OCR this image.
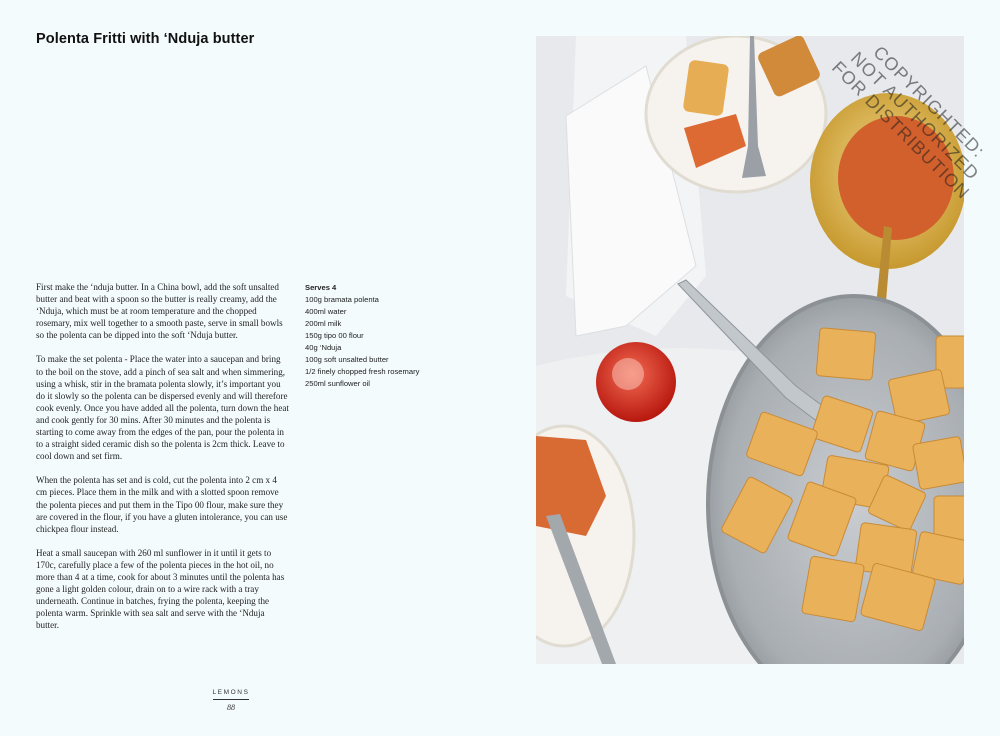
Polenta Fritti with ‘Nduja butter

First make the ‘nduja butter. In a China bowl, add the soft unsalted butter and beat with a spoon so the butter is really creamy, add the ‘Nduja, which must be at room temperature and the chopped rosemary, mix well together to a smooth paste, serve in small bowls so the polenta can be dipped into the soft ‘Nduja butter.

To make the set polenta - Place the water into a saucepan and bring to the boil on the stove, add a pinch of sea salt and when simmering, using a whisk, stir in the bramata polenta slowly, it’s important you do it slowly so the polenta can be dispersed evenly and will therefore cook evenly. Once you have added all the polenta, turn down the heat and cook gently for 30 mins. After 30 minutes and the polenta is starting to come away from the edges of the pan, pour the polenta in to a straight sided ceramic dish so the polenta is 2cm thick. Leave to cool down and set firm.

When the polenta has set and is cold, cut the polenta into 2 cm x 4 cm pieces. Place them in the milk and with a slotted spoon remove the polenta pieces and put them in the Tipo 00 flour, make sure they are covered in the flour, if you have a gluten intolerance, you can use chickpea flour instead.

Heat a small saucepan with 260 ml sunflower in it until it gets to 170c, carefully place a few of the polenta pieces in the hot oil, no more than 4 at a time, cook for about 3 minutes until the polenta has gone a light golden colour, drain on to a wire rack with a tray underneath. Continue in batches, frying the polenta, keeping the polenta warm. Sprinkle with sea salt and serve with the ‘Nduja butter.

Serves 4
100g bramata polenta
400ml water
200ml milk
150g tipo 00 flour
40g ‘Nduja
100g soft unsalted butter
1/2 finely chopped fresh rosemary
250ml sunflower oil
LEMONS
88
COPYRIGHTED: NOT AUTHORIZED FOR DISTRIBUTION
